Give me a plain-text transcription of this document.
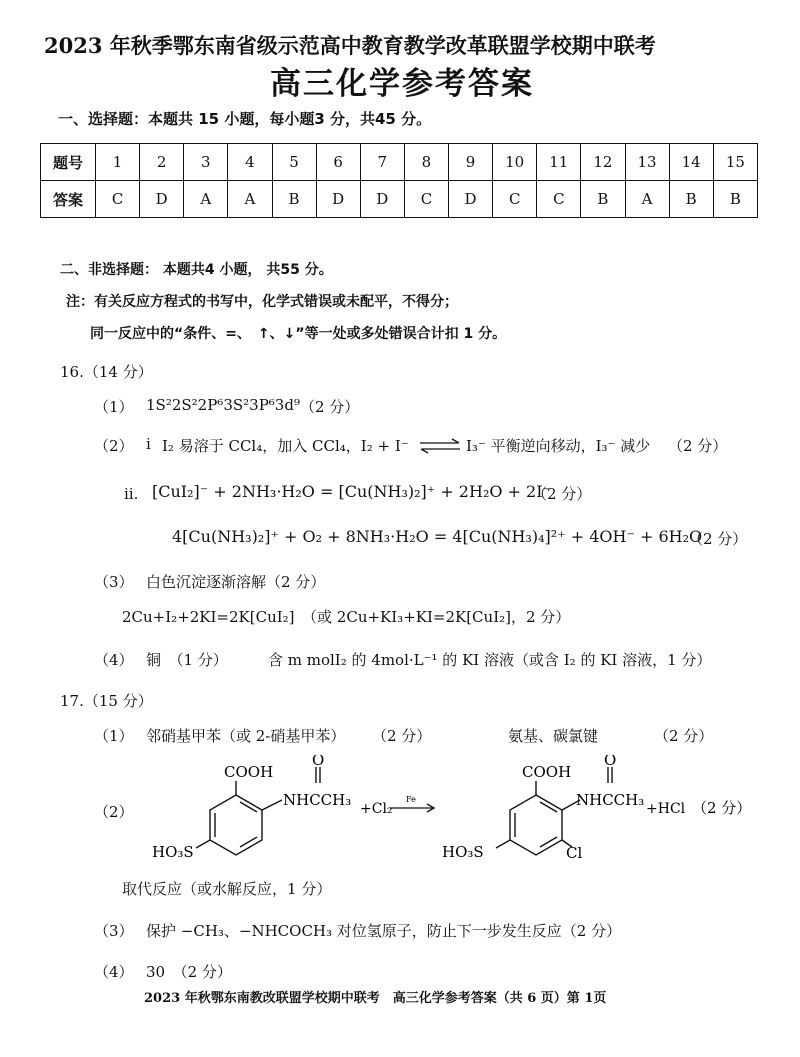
2023 年秋季鄂东南省级示范高中教育教学改革联盟学校期中联考
高三化学参考答案
一、选择题：本题共 15 小题，每小题3 分，共45 分。
题号	1	2	3	4	5	6	7	8	9	10	11	12	13	14	15
答案	C	D	A	A	B	D	D	C	D	C	C	B	A	B	B
二、非选择题： 本题共4 小题， 共55 分。
注：有关反应方程式的书写中，化学式错误或未配平，不得分；
同一反应中的“条件、=、　↑、↓”等一处或多处错误合计扣 1 分。
16.（14 分）
（1） 1S²2S²2P⁶3S²3P⁶3d⁹ （2 分）
（2） i I₂ 易溶于 CCl₄，加入 CCl₄，I₂ + I⁻ ⇌ I₃⁻ 平衡逆向移动，I₃⁻ 减少 （2 分）
ii. [CuI₂]⁻ + 2NH₃·H₂O = [Cu(NH₃)₂]⁺ + 2H₂O + 2I⁻
（2 分）
4[Cu(NH₃)₂]⁺ + O₂ + 8NH₃·H₂O = 4[Cu(NH₃)₄]²⁺ + 4OH⁻ + 6H₂O
（2 分）
（3） 白色沉淀逐渐溶解（2 分）
2Cu+I₂+2KI=2K[CuI₂]　（或 2Cu+KI₃+KI=2K[CuI₂]，2 分）
（4） 铜　（1 分）	含 m molI₂ 的 4mol·L⁻¹ 的 KI 溶液（或含 I₂ 的 KI 溶液，1 分）
17.（15 分）
（1） 邻硝基甲苯（或 2-硝基甲苯） （2 分）	氨基、碳氯键	（2 分）
（2）
COOH
O
NHCCH₃
HO₃S
+Cl₂
Fe
COOH
O
NHCCH₃
HO₃S	Cl
+HCl （2 分）
取代反应（或水解反应，1 分）
（3） 保护 −CH₃、−NHCOCH₃ 对位氢原子，防止下一步发生反应（2 分）
（4） 30　（2 分）
2023 年秋鄂东南教改联盟学校期中联考　高三化学参考答案（共 6 页）第 1页
